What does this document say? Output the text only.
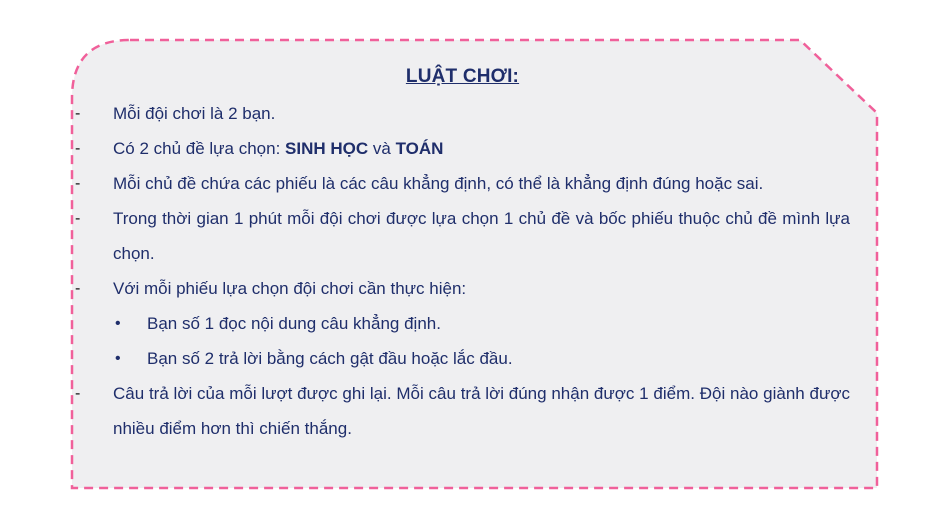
LUẬT CHƠI:
-	Mỗi đội chơi là 2 bạn.
-	Có 2 chủ đề lựa chọn: SINH HỌC và TOÁN
-	Mỗi chủ đề chứa các phiếu là các câu khẳng định, có thể là khẳng định đúng hoặc sai.
-	Trong thời gian 1 phút mỗi đội chơi được lựa chọn 1 chủ đề và bốc phiếu thuộc chủ đề mình lựa chọn.
-	Với mỗi phiếu lựa chọn đội chơi cần thực hiện:
• Bạn số 1 đọc nội dung câu khẳng định.
• Bạn số 2 trả lời bằng cách gật đầu hoặc lắc đầu.
-	Câu trả lời của mỗi lượt được ghi lại. Mỗi câu trả lời đúng nhận được 1 điểm. Đội nào giành được nhiều điểm hơn thì chiến thắng.
